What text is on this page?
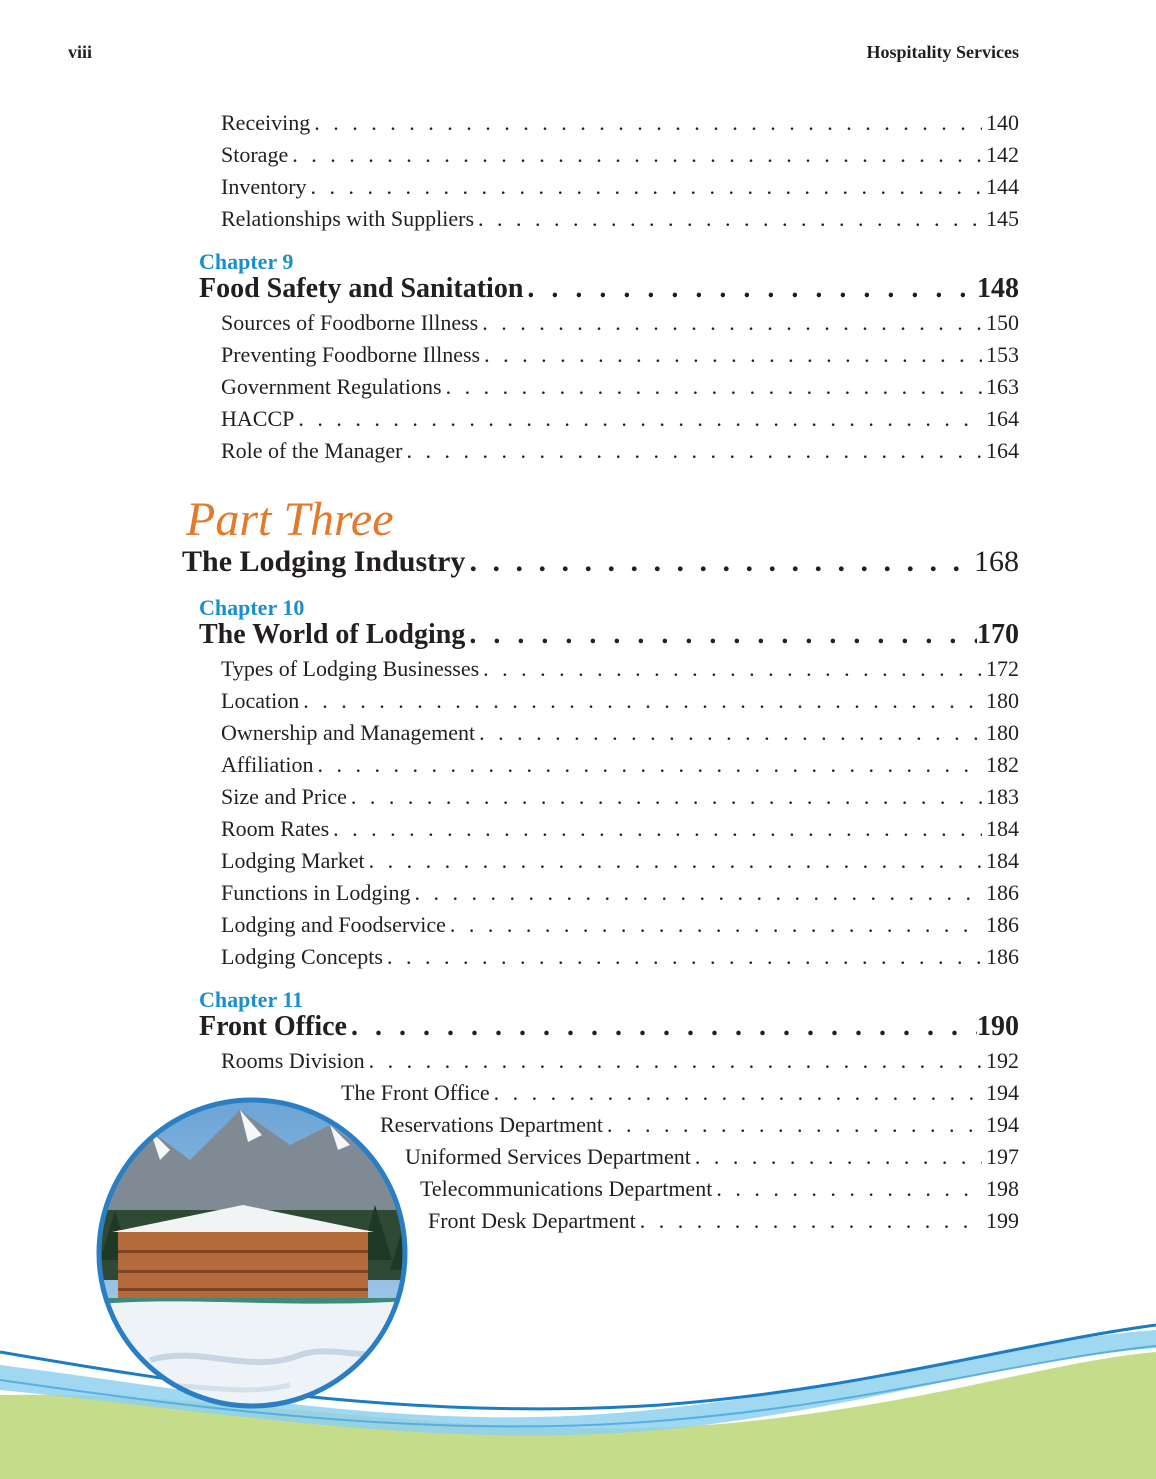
viii	Hospitality Services
Receiving . . .	140
Storage . . .	142
Inventory . . .	144
Relationships with Suppliers . . .	145
Chapter 9
Food Safety and Sanitation . . .	148
Sources of Foodborne Illness . . .	150
Preventing Foodborne Illness . . .	153
Government Regulations . . .	163
HACCP . . .	164
Role of the Manager . . .	164
Part Three
The Lodging Industry . . .	168
Chapter 10
The World of Lodging . . .	170
Types of Lodging Businesses . . .	172
Location . . .	180
Ownership and Management . . .	180
Affiliation . . .	182
Size and Price . . .	183
Room Rates . . .	184
Lodging Market . . .	184
Functions in Lodging . . .	186
Lodging and Foodservice . . .	186
Lodging Concepts . . .	186
Chapter 11
Front Office . . .	190
Rooms Division . . .	192
The Front Office . . .	194
Reservations Department . . .	194
Uniformed Services Department . . .	197
Telecommunications Department . . .	198
Front Desk Department . . .	199
